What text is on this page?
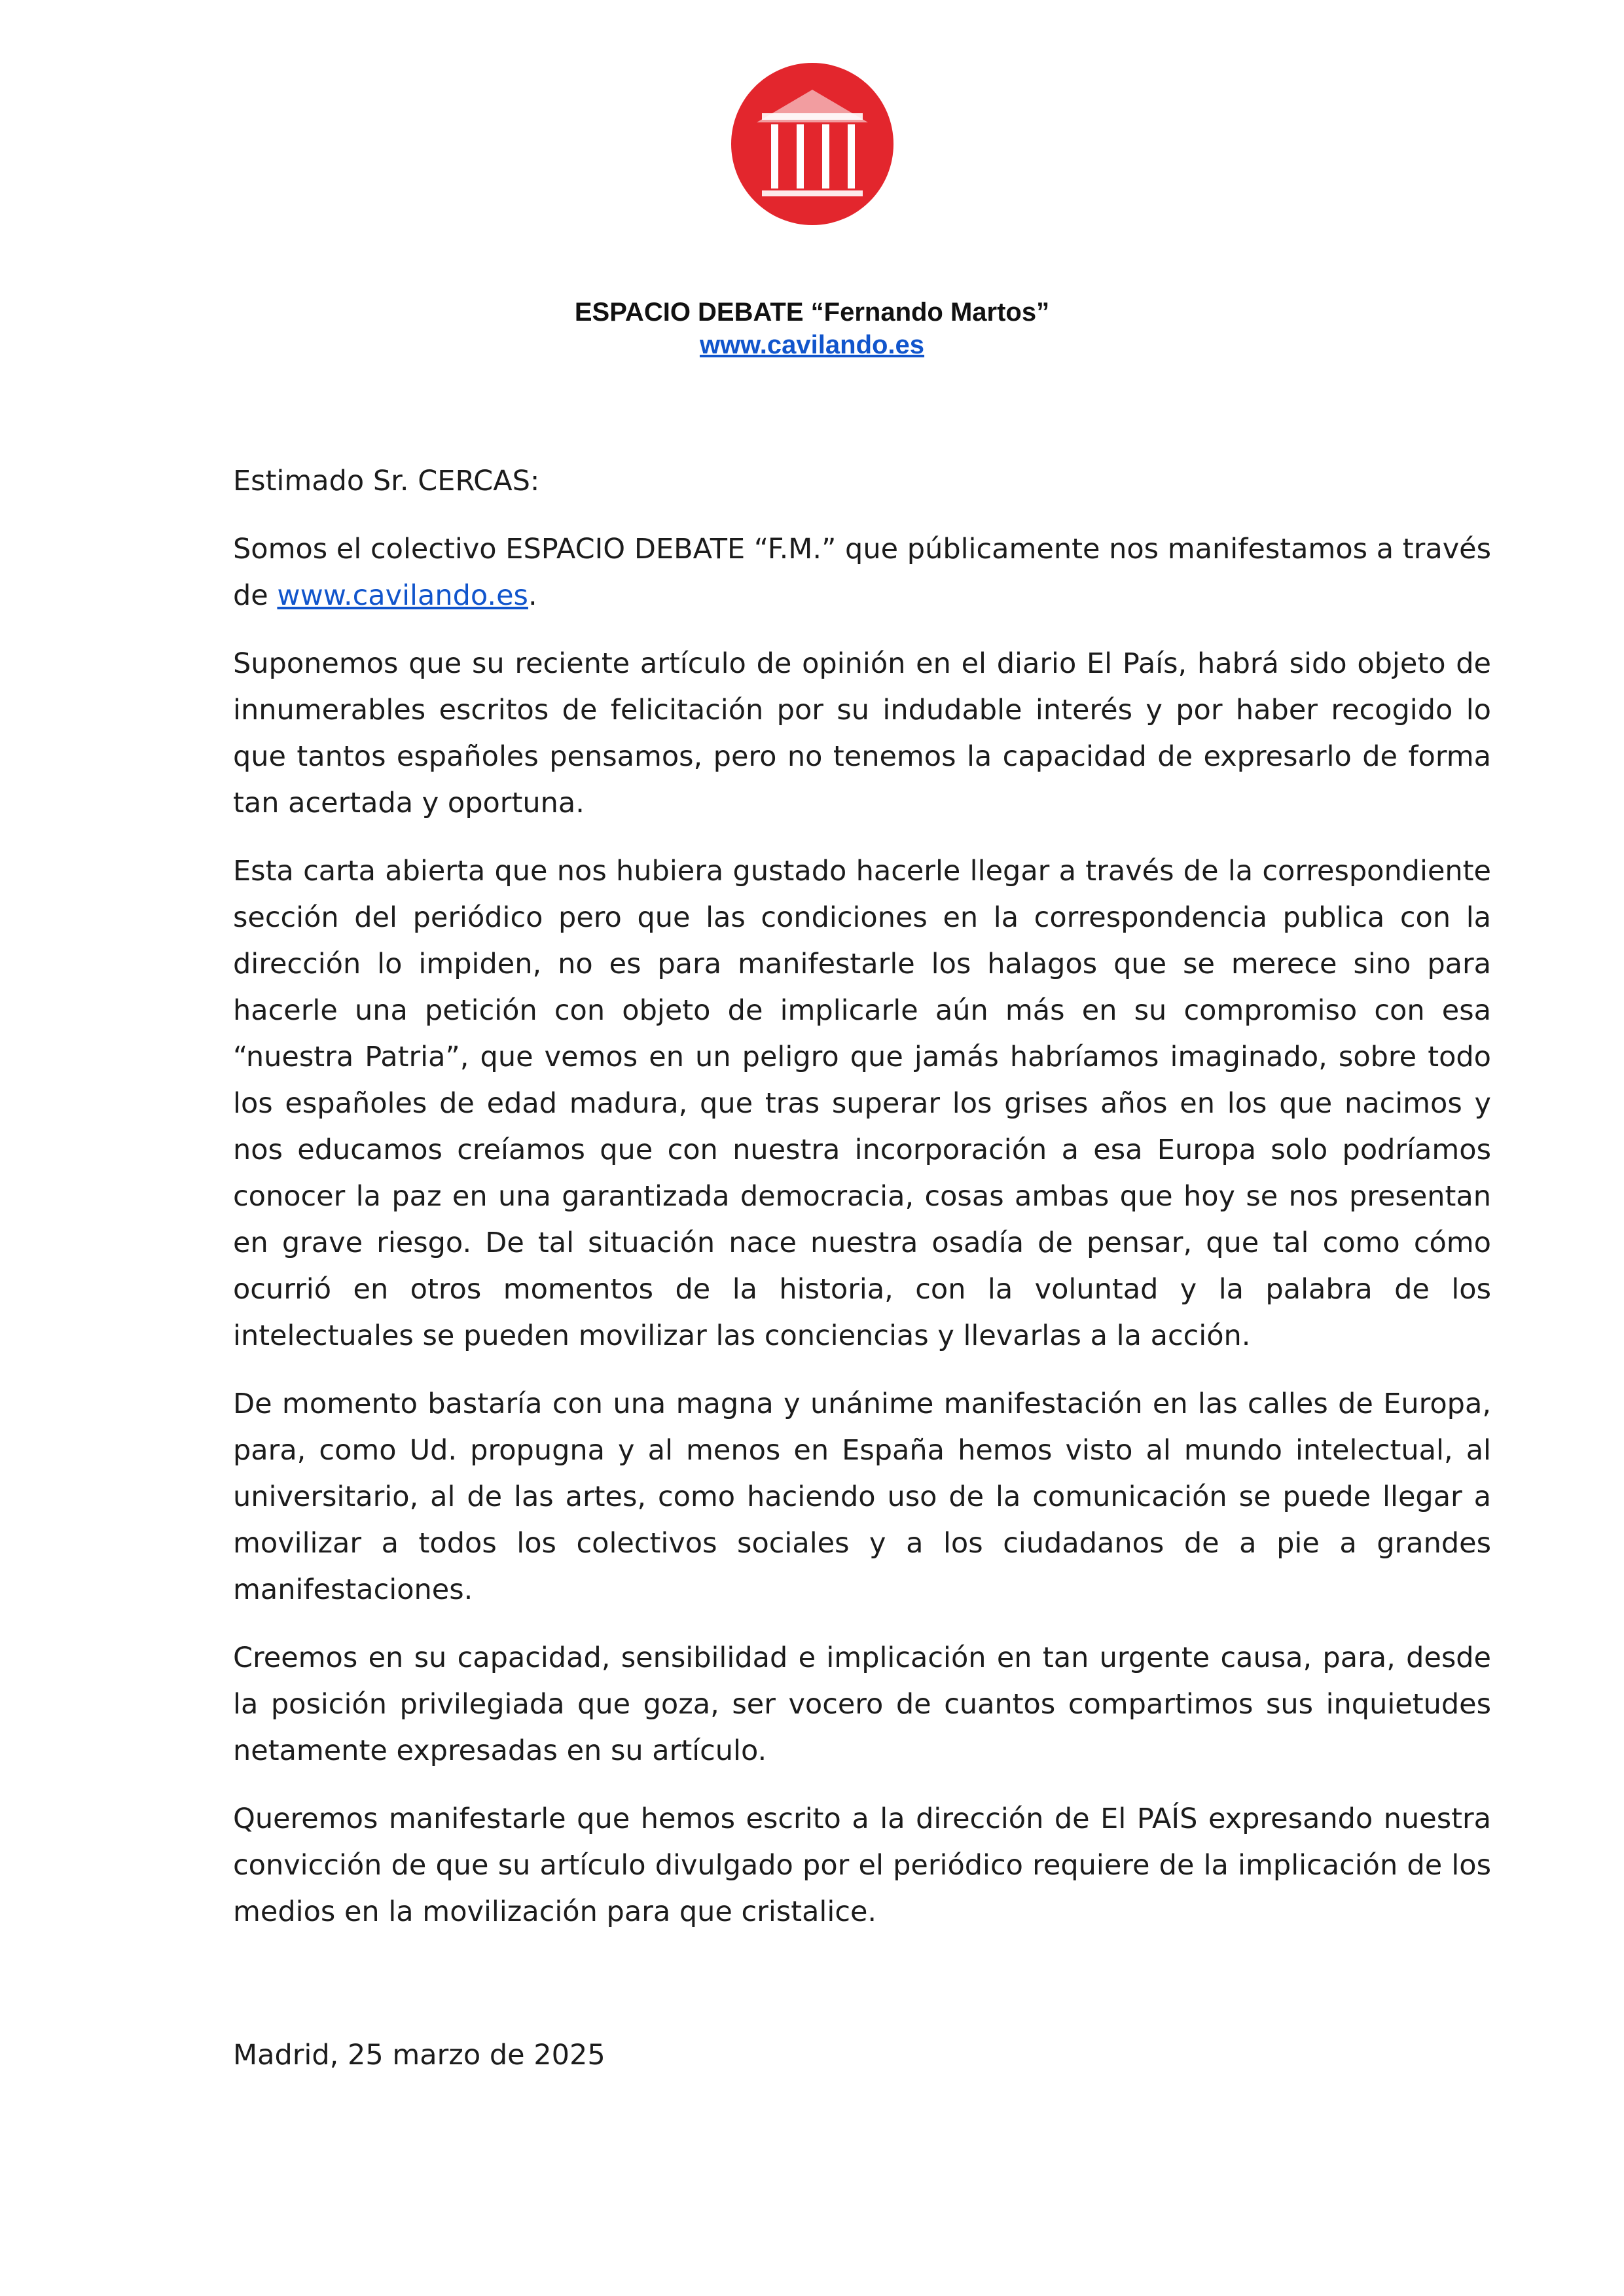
ESPACIO DEBATE “Fernando Martos”
www.cavilando.es

Estimado Sr. CERCAS:

Somos el colectivo ESPACIO DEBATE “F.M.” que públicamente nos manifestamos a través de www.cavilando.es.

Suponemos que su reciente artículo de opinión en el diario El País, habrá sido objeto de innumerables escritos de felicitación por su indudable interés y por haber recogido lo que tantos españoles pensamos, pero no tenemos la capacidad de expresarlo de forma tan acertada y oportuna.

Esta carta abierta que nos hubiera gustado hacerle llegar a través de la correspondiente sección del periódico pero que las condiciones en la correspondencia publica con la dirección lo impiden, no es para manifestarle los halagos que se merece sino para hacerle una petición con objeto de implicarle aún más en su compromiso con esa “nuestra Patria”, que vemos en un peligro que jamás habríamos imaginado, sobre todo los españoles de edad madura, que tras superar los grises años en los que nacimos y nos educamos creíamos que con nuestra incorporación a esa Europa solo podríamos conocer la paz en una garantizada democracia, cosas ambas que hoy se nos presentan en grave riesgo. De tal situación nace nuestra osadía de pensar, que tal como cómo ocurrió en otros momentos de la historia, con la voluntad y la palabra de los intelectuales se pueden movilizar las conciencias y llevarlas a la acción.

De momento bastaría con una magna y unánime manifestación en las calles de Europa, para, como Ud. propugna y al menos en España hemos visto al mundo intelectual, al universitario, al de las artes, como haciendo uso de la comunicación se puede llegar a movilizar a todos los colectivos sociales y a los ciudadanos de a pie a grandes manifestaciones.

Creemos en su capacidad, sensibilidad e implicación en tan urgente causa, para, desde la posición privilegiada que goza, ser vocero de cuantos compartimos sus inquietudes netamente expresadas en su artículo.

Queremos manifestarle que hemos escrito a la dirección de El PAÍS expresando nuestra convicción de que su artículo divulgado por el periódico requiere de la implicación de los medios en la movilización para que cristalice.

Madrid, 25 marzo de 2025
